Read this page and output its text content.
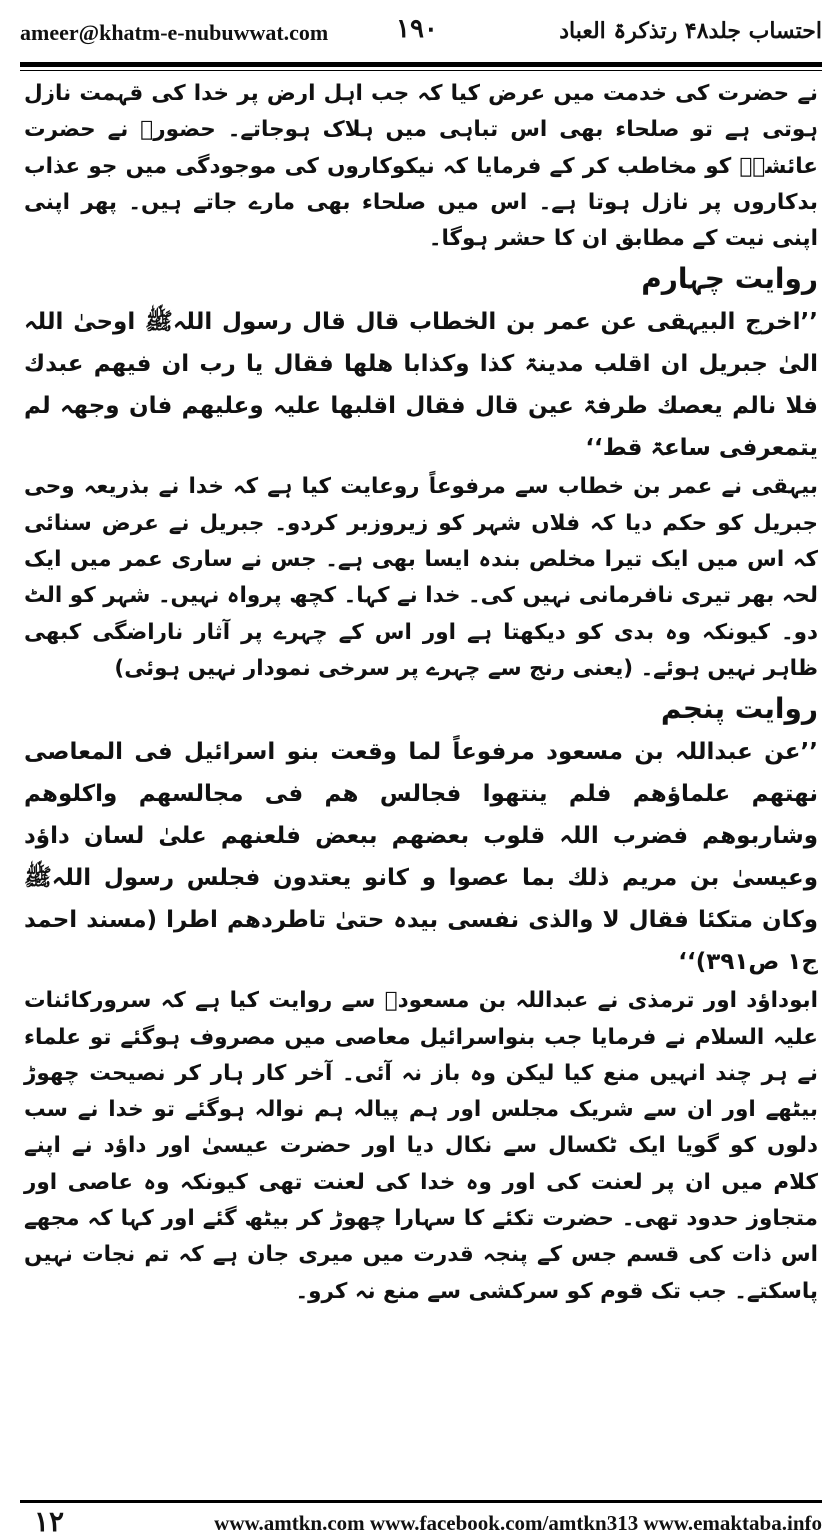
ameer@khatm-e-nubuwwat.com	۱۹۰	احتساب جلد۴۸ رتذکرۃ العباد

نے حضرت کی خدمت میں عرض کیا کہ جب اہل ارض پر خدا کی قہمت نازل ہوتی ہے تو صلحاء بھی اس تباہی میں ہلاک ہوجاتے۔ حضورﷺ نے حضرت عائشہؓ کو مخاطب کر کے فرمایا کہ نیکوکاروں کی موجودگی میں جو عذاب بدکاروں پر نازل ہوتا ہے۔ اس میں صلحاء بھی مارے جاتے ہیں۔ پھر اپنی اپنی نیت کے مطابق ان کا حشر ہوگا۔

روایت چہارم

’’اخرج البیہقی عن عمر بن الخطاب قال قال رسول اللہﷺ اوحیٰ اللہ الیٰ جبریل ان اقلب مدینۃ کذا وکذابا ھلھا فقال یا رب ان فیھم عبدك فلا نالم یعصك طرفۃ عین قال فقال اقلبھا علیہ وعلیھم فان وجھہ لم یتمعرفی ساعۃ قط‘‘

بیہقی نے عمر بن خطاب سے مرفوعاً روعایت کیا ہے کہ خدا نے بذریعہ وحی جبریل کو حکم دیا کہ فلاں شہر کو زیروزبر کردو۔ جبریل نے عرض سنائی کہ اس میں ایک تیرا مخلص بندہ ایسا بھی ہے۔ جس نے ساری عمر میں ایک لحہ بھر تیری نافرمانی نہیں کی۔ خدا نے کہا۔ کچھ پرواہ نہیں۔ شہر کو الٹ دو۔ کیونکہ وہ بدی کو دیکھتا ہے اور اس کے چہرے پر آثار ناراضگی کبھی ظاہر نہیں ہوئے۔ (یعنی رنج سے چہرے پر سرخی نمودار نہیں ہوئی)

روایت پنجم

’’عن عبداللہ بن مسعود مرفوعاً لما وقعت بنو اسرائیل فی المعاصی نھتھم علماؤھم فلم ینتھوا فجالس ھم فی مجالسھم واکلوھم وشاربوھم فضرب اللہ قلوب بعضھم ببعض فلعنھم علیٰ لسان داؤد وعیسیٰ بن مریم ذلك بما عصوا و کانو یعتدون فجلس رسول اللہﷺ وکان متکئا فقال لا والذی نفسی بیدہ حتیٰ تاطردھم اطرا (مسند احمد ج۱ ص۳۹۱)‘‘

ابوداؤد اور ترمذی نے عبداللہ بن مسعودؓ سے روایت کیا ہے کہ سرورکائنات علیہ السلام نے فرمایا جب بنواسرائیل معاصی میں مصروف ہوگئے تو علماء نے ہر چند انہیں منع کیا لیکن وہ باز نہ آئی۔ آخر کار ہار کر نصیحت چھوڑ بیٹھے اور ان سے شریک مجلس اور ہم پیالہ ہم نوالہ ہوگئے تو خدا نے سب دلوں کو گویا ایک ٹکسال سے نکال دیا اور حضرت عیسیٰ اور داؤد نے اپنے کلام میں ان پر لعنت کی اور وہ خدا کی لعنت تھی کیونکہ وہ عاصی اور متجاوز حدود تھی۔ حضرت تکئے کا سہارا چھوڑ کر بیٹھ گئے اور کہا کہ مجھے اس ذات کی قسم جس کے پنجہ قدرت میں میری جان ہے کہ تم نجات نہیں پاسکتے۔ جب تک قوم کو سرکشی سے منع نہ کرو۔

۱۲	www.amtkn.com www.facebook.com/amtkn313 www.emaktaba.info
